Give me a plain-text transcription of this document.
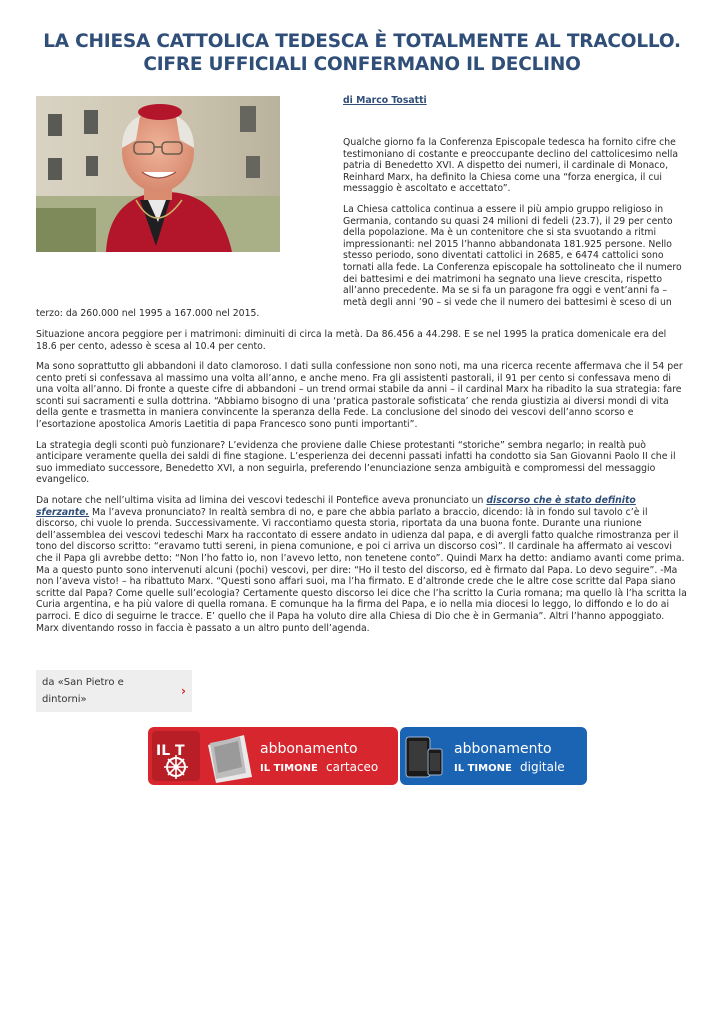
LA CHIESA CATTOLICA TEDESCA È TOTALMENTE AL TRACOLLO. CIFRE UFFICIALI CONFERMANO IL DECLINO
di Marco Tosatti

Qualche giorno fa la Conferenza Episcopale tedesca ha fornito cifre che testimoniano di costante e preoccupante declino del cattolicesimo nella patria di Benedetto XVI. A dispetto dei numeri, il cardinale di Monaco, Reinhard Marx, ha definito la Chiesa come una “forza energica, il cui messaggio è ascoltato e accettato”.

La Chiesa cattolica continua a essere il più ampio gruppo religioso in Germania, contando su quasi 24 milioni di fedeli (23.7), il 29 per cento della popolazione. Ma è un contenitore che si sta svuotando a ritmi impressionanti: nel 2015 l’hanno abbandonata 181.925 persone. Nello stesso periodo, sono diventati cattolici in 2685, e 6474 cattolici sono tornati alla fede. La Conferenza episcopale ha sottolineato che il numero dei battesimi e dei matrimoni ha segnato una lieve crescita, rispetto all’anno precedente. Ma se si fa un paragone fra oggi e vent’anni fa – metà degli anni ’90 – si vede che il numero dei battesimi è sceso di un terzo: da 260.000 nel 1995 a 167.000 nel 2015.

Situazione ancora peggiore per i matrimoni: diminuiti di circa la metà. Da 86.456 a 44.298. E se nel 1995 la pratica domenicale era del 18.6 per cento, adesso è scesa al 10.4 per cento.

Ma sono soprattutto gli abbandoni il dato clamoroso. I dati sulla confessione non sono noti, ma una ricerca recente affermava che il 54 per cento preti si confessava al massimo una volta all’anno, e anche meno. Fra gli assistenti pastorali, il 91 per cento si confessava meno di una volta all’anno. Di fronte a queste cifre di abbandoni – un trend ormai stabile da anni – il cardinal Marx ha ribadito la sua strategia: fare sconti sui sacramenti e sulla dottrina. “Abbiamo bisogno di una ‘pratica pastorale sofisticata’ che renda giustizia ai diversi mondi di vita della gente e trasmetta in maniera convincente la speranza della Fede. La conclusione del sinodo dei vescovi dell’anno scorso e l’esortazione apostolica Amoris Laetitia di papa Francesco sono punti importanti”.

La strategia degli sconti può funzionare? L’evidenza che proviene dalle Chiese protestanti “storiche” sembra negarlo; in realtà può anticipare veramente quella dei saldi di fine stagione. L’esperienza dei decenni passati infatti ha condotto sia San Giovanni Paolo II che il suo immediato successore, Benedetto XVI, a non seguirla, preferendo l’enunciazione senza ambiguità e compromessi del messaggio evangelico.

Da notare che nell’ultima visita ad limina dei vescovi tedeschi il Pontefice aveva pronunciato un discorso che è stato definito sferzante. Ma l’aveva pronunciato? In realtà sembra di no, e pare che abbia parlato a braccio, dicendo: là in fondo sul tavolo c’è il discorso, chi vuole lo prenda. Successivamente. Vi raccontiamo questa storia, riportata da una buona fonte. Durante una riunione dell’assemblea dei vescovi tedeschi Marx ha raccontato di essere andato in udienza dal papa, e di avergli fatto qualche rimostranza per il tono del discorso scritto: “eravamo tutti sereni, in piena comunione, e poi ci arriva un discorso così”. Il cardinale ha affermato ai vescovi che il Papa gli avrebbe detto: “Non l’ho fatto io, non l’avevo letto, non tenetene conto”. Quindi Marx ha detto: andiamo avanti come prima. Ma a questo punto sono intervenuti alcuni (pochi) vescovi, per dire: “Ho il testo del discorso, ed è firmato dal Papa. Lo devo seguire”. -Ma non l’aveva visto! – ha ribattuto Marx. “Questi sono affari suoi, ma l’ha firmato. E d’altronde crede che le altre cose scritte dal Papa siano scritte dal Papa? Come quelle sull’ecologia? Certamente questo discorso lei dice che l’ha scritto la Curia romana; ma quello là l’ha scritta la Curia argentina, e ha più valore di quella romana. E comunque ha la firma del Papa, e io nella mia diocesi lo leggo, lo diffondo e lo do ai parroci. E dico di seguirne le tracce. E’ quello che il Papa ha voluto dire alla Chiesa di Dio che è in Germania”. Altri l’hanno appoggiato. Marx diventando rosso in faccia è passato a un altro punto dell’agenda.

da «San Pietro e dintorni»
›
IL T	abbonamento
IL TIMONE cartaceo
abbonamento
IL TIMONE digitale
